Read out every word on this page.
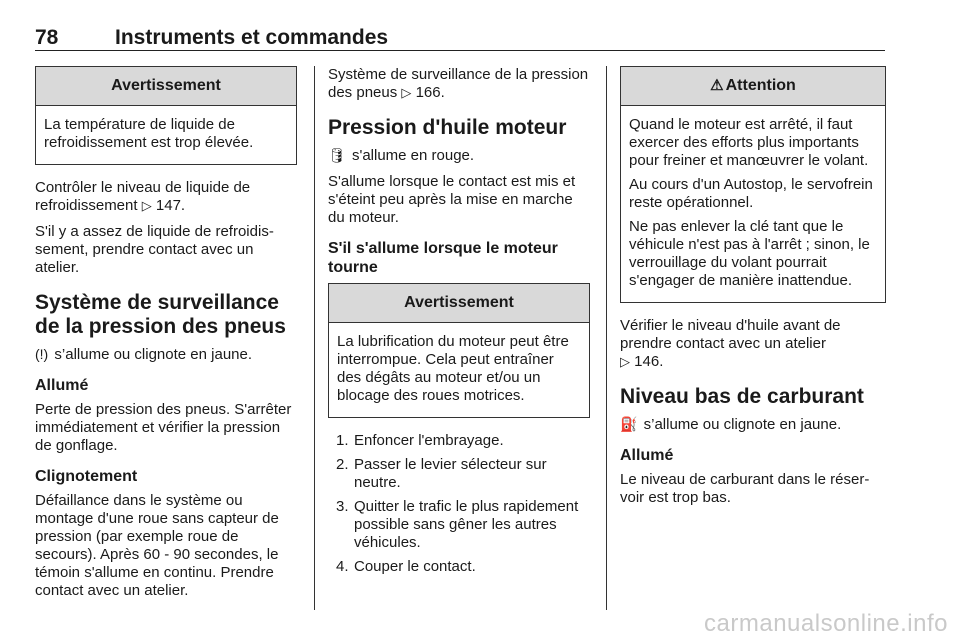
78	Instruments et commandes
Avertissement

La température de liquide de refroidissement est trop élevée.

Contrôler le niveau de liquide de refroidissement ▷ 147.

S'il y a assez de liquide de refroidissement, prendre contact avec un atelier.

Système de surveillance de la pression des pneus

(!) s’allume ou clignote en jaune.

Allumé

Perte de pression des pneus. S'arrêter immédiatement et vérifier la pression de gonflage.

Clignotement

Défaillance dans le système ou montage d'une roue sans capteur de pression (par exemple roue de secours). Après 60 - 90 secondes, le témoin s'allume en continu. Prendre contact avec un atelier.

Système de surveillance de la pression des pneus ▷ 166.

Pression d'huile moteur

🛢 s'allume en rouge.

S'allume lorsque le contact est mis et s'éteint peu après la mise en marche du moteur.

S'il s'allume lorsque le moteur tourne
Avertissement

La lubrification du moteur peut être interrompue. Cela peut entraîner des dégâts au moteur et/ou un blocage des roues motrices.

1. Enfoncer l'embrayage.
2. Passer le levier sélecteur sur neutre.
3. Quitter le trafic le plus rapidement possible sans gêner les autres véhicules.
4. Couper le contact.
⚠ Attention

Quand le moteur est arrêté, il faut exercer des efforts plus importants pour freiner et manœuvrer le volant.

Au cours d'un Autostop, le servofrein reste opérationnel.

Ne pas enlever la clé tant que le véhicule n'est pas à l'arrêt ; sinon, le verrouillage du volant pourrait s'engager de manière inattendue.

Vérifier le niveau d'huile avant de prendre contact avec un atelier
▷ 146.

Niveau bas de carburant

⛽ s’allume ou clignote en jaune.

Allumé

Le niveau de carburant dans le réservoir est trop bas.

carmanualsonline.info
